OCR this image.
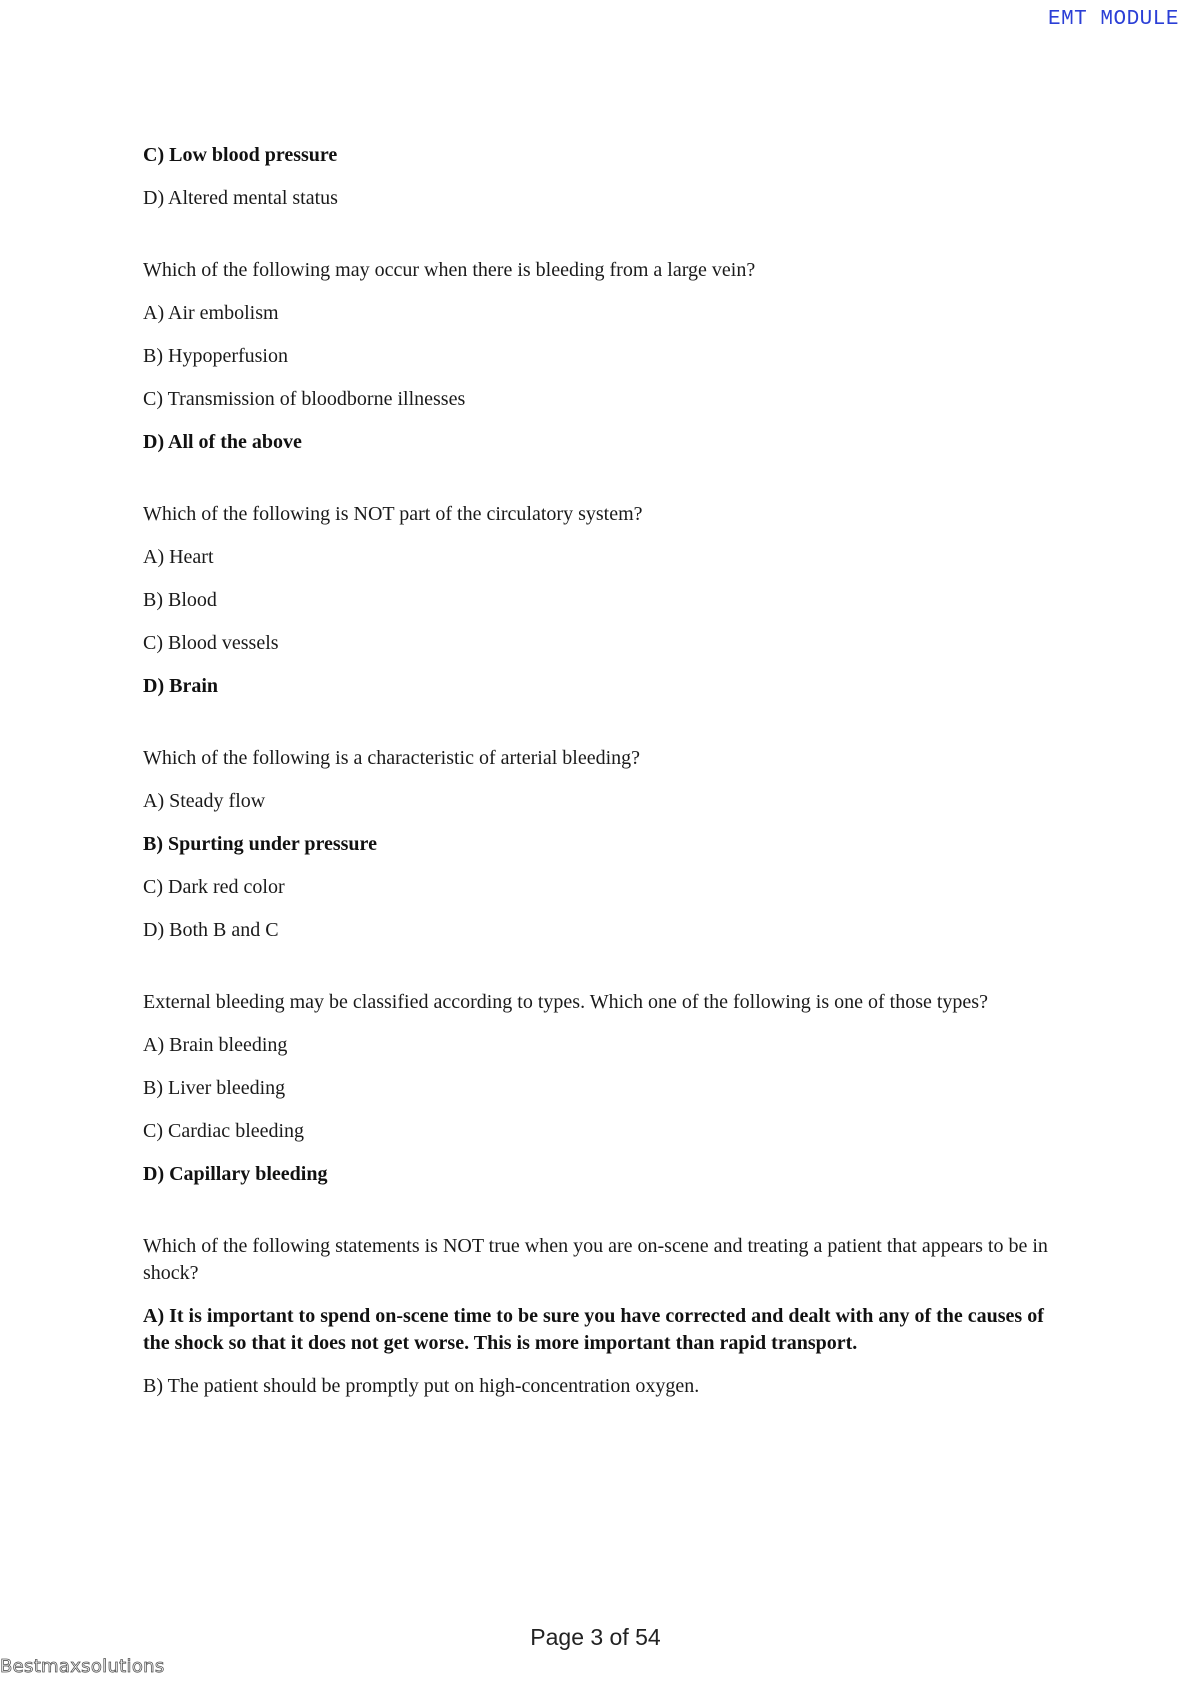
EMT MODULE

C) Low blood pressure

D) Altered mental status

Which of the following may occur when there is bleeding from a large vein?

A) Air embolism

B) Hypoperfusion

C) Transmission of bloodborne illnesses

D) All of the above

Which of the following is NOT part of the circulatory system?

A) Heart

B) Blood

C) Blood vessels

D) Brain

Which of the following is a characteristic of arterial bleeding?

A) Steady flow

B) Spurting under pressure

C) Dark red color

D) Both B and C

External bleeding may be classified according to types. Which one of the following is one of those types?

A) Brain bleeding

B) Liver bleeding

C) Cardiac bleeding

D) Capillary bleeding

Which of the following statements is NOT true when you are on-scene and treating a patient that appears to be in shock?

A) It is important to spend on-scene time to be sure you have corrected and dealt with any of the causes of the shock so that it does not get worse. This is more important than rapid transport.

B) The patient should be promptly put on high-concentration oxygen.

Page 3 of 54
Bestmaxsolutions
